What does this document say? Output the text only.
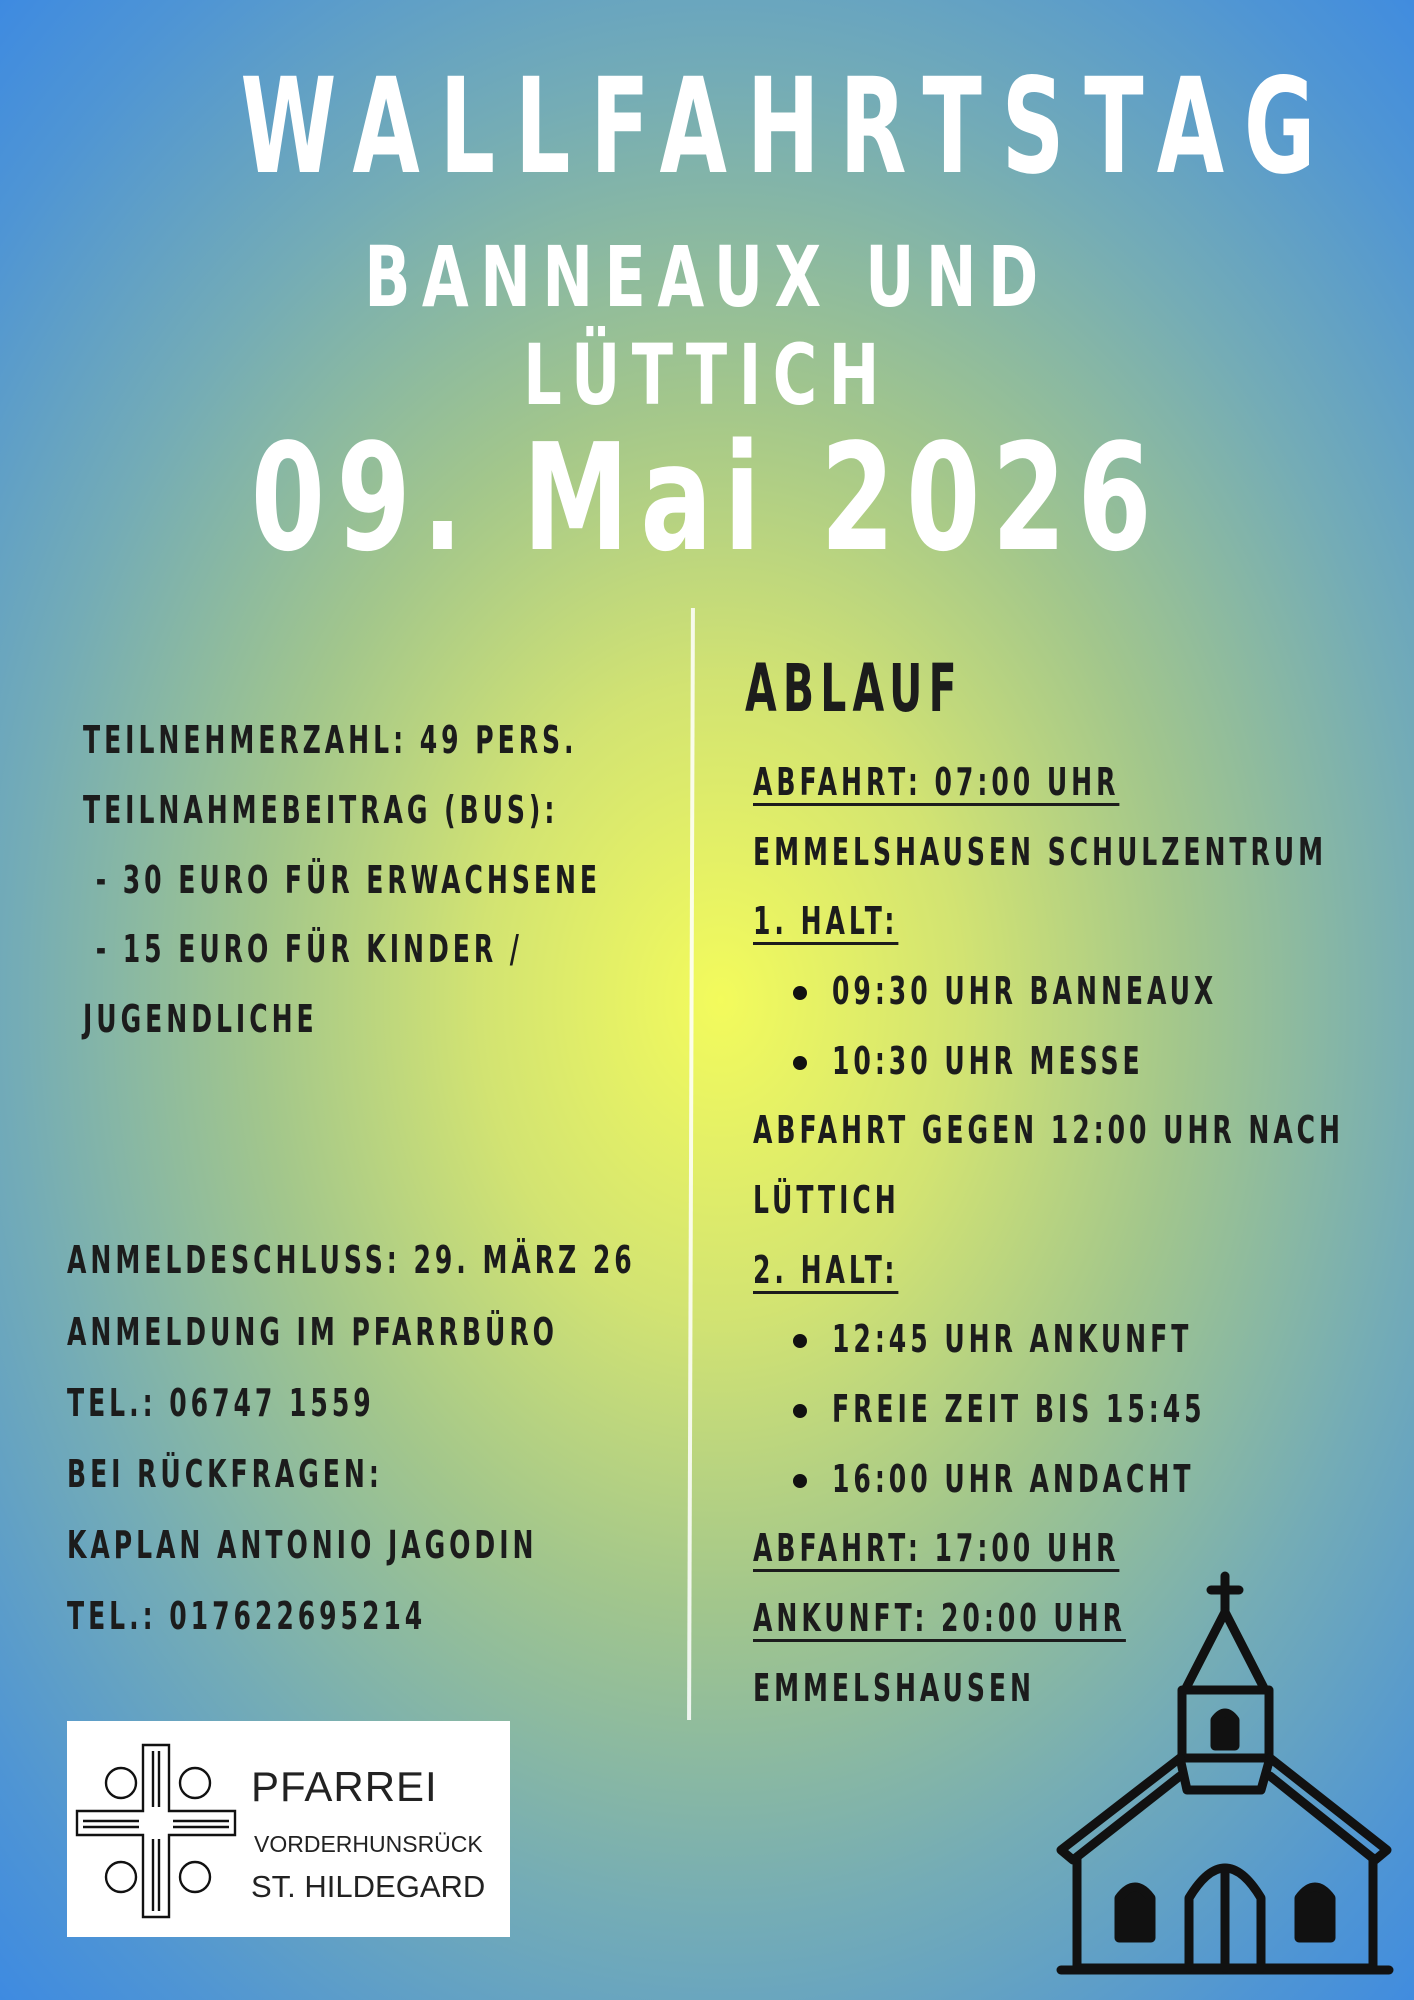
WALLFAHRTSTAG
BANNEAUX UND LÜTTICH
09. Mai 2026
TEILNEHMERZAHL: 49 PERS.
TEILNAHMEBEITRAG (BUS):
- 30 EURO FÜR ERWACHSENE
- 15 EURO FÜR KINDER /
JUGENDLICHE
ANMELDESCHLUSS: 29. MÄRZ 26
ANMELDUNG IM PFARRBÜRO
TEL.: 06747 1559
BEI RÜCKFRAGEN:
KAPLAN ANTONIO JAGODIN
TEL.: 017622695214
ABLAUF
ABFAHRT: 07:00 UHR
EMMELSHAUSEN SCHULZENTRUM
1. HALT:
09:30 UHR BANNEAUX
10:30 UHR MESSE
ABFAHRT GEGEN 12:00 UHR NACH
LÜTTICH
2. HALT:
12:45 UHR ANKUNFT
FREIE ZEIT BIS 15:45
16:00 UHR ANDACHT
ABFAHRT: 17:00 UHR
ANKUNFT: 20:00 UHR
EMMELSHAUSEN
PFARREI
VORDERHUNSRÜCK
ST. HILDEGARD
